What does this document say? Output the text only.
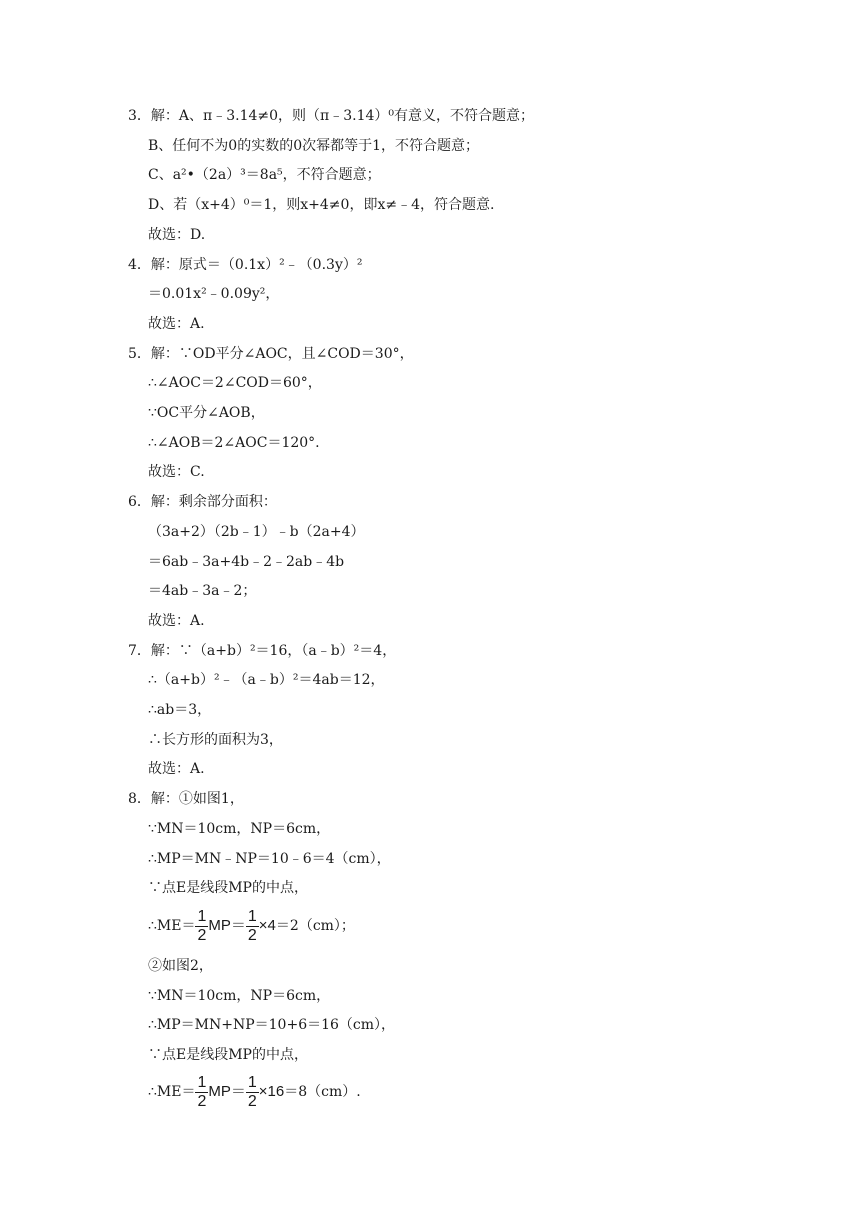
3．解：A、π﹣3.14≠0，则（π﹣3.14）⁰有意义，不符合题意；
B、任何不为0的实数的0次幂都等于1，不符合题意；
C、a²•（2a）³＝8a⁵，不符合题意；
D、若（x+4）⁰＝1，则x+4≠0，即x≠﹣4，符合题意.
故选：D.
4．解：原式＝（0.1x）²﹣（0.3y）²
＝0.01x²﹣0.09y²，
故选：A.
5．解：∵OD平分∠AOC，且∠COD＝30°，
∴∠AOC＝2∠COD＝60°，
∵OC平分∠AOB，
∴∠AOB＝2∠AOC＝120°.
故选：C.
6．解：剩余部分面积：
（3a+2）（2b﹣1）﹣b（2a+4）
＝6ab﹣3a+4b﹣2﹣2ab﹣4b
＝4ab﹣3a﹣2；
故选：A.
7．解：∵（a+b）²＝16，（a﹣b）²＝4，
∴（a+b）²﹣（a﹣b）²＝4ab＝12，
∴ab＝3，
∴长方形的面积为3，
故选：A.
8．解：①如图1，
∵MN＝10cm，NP＝6cm，
∴MP＝MN﹣NP＝10﹣6＝4（cm），
∵点E是线段MP的中点，
∴ME＝ $\frac{1}{2} MP= \frac{1}{2} \times 4=2(cm)$；
②如图2，
∵MN＝10cm，NP＝6cm，
∴MP＝MN+NP＝10+6＝16（cm），
∵点E是线段MP的中点，
∴ME＝ $\frac{1}{2} MP= \frac{1}{2} \times 16=8(cm)$.
